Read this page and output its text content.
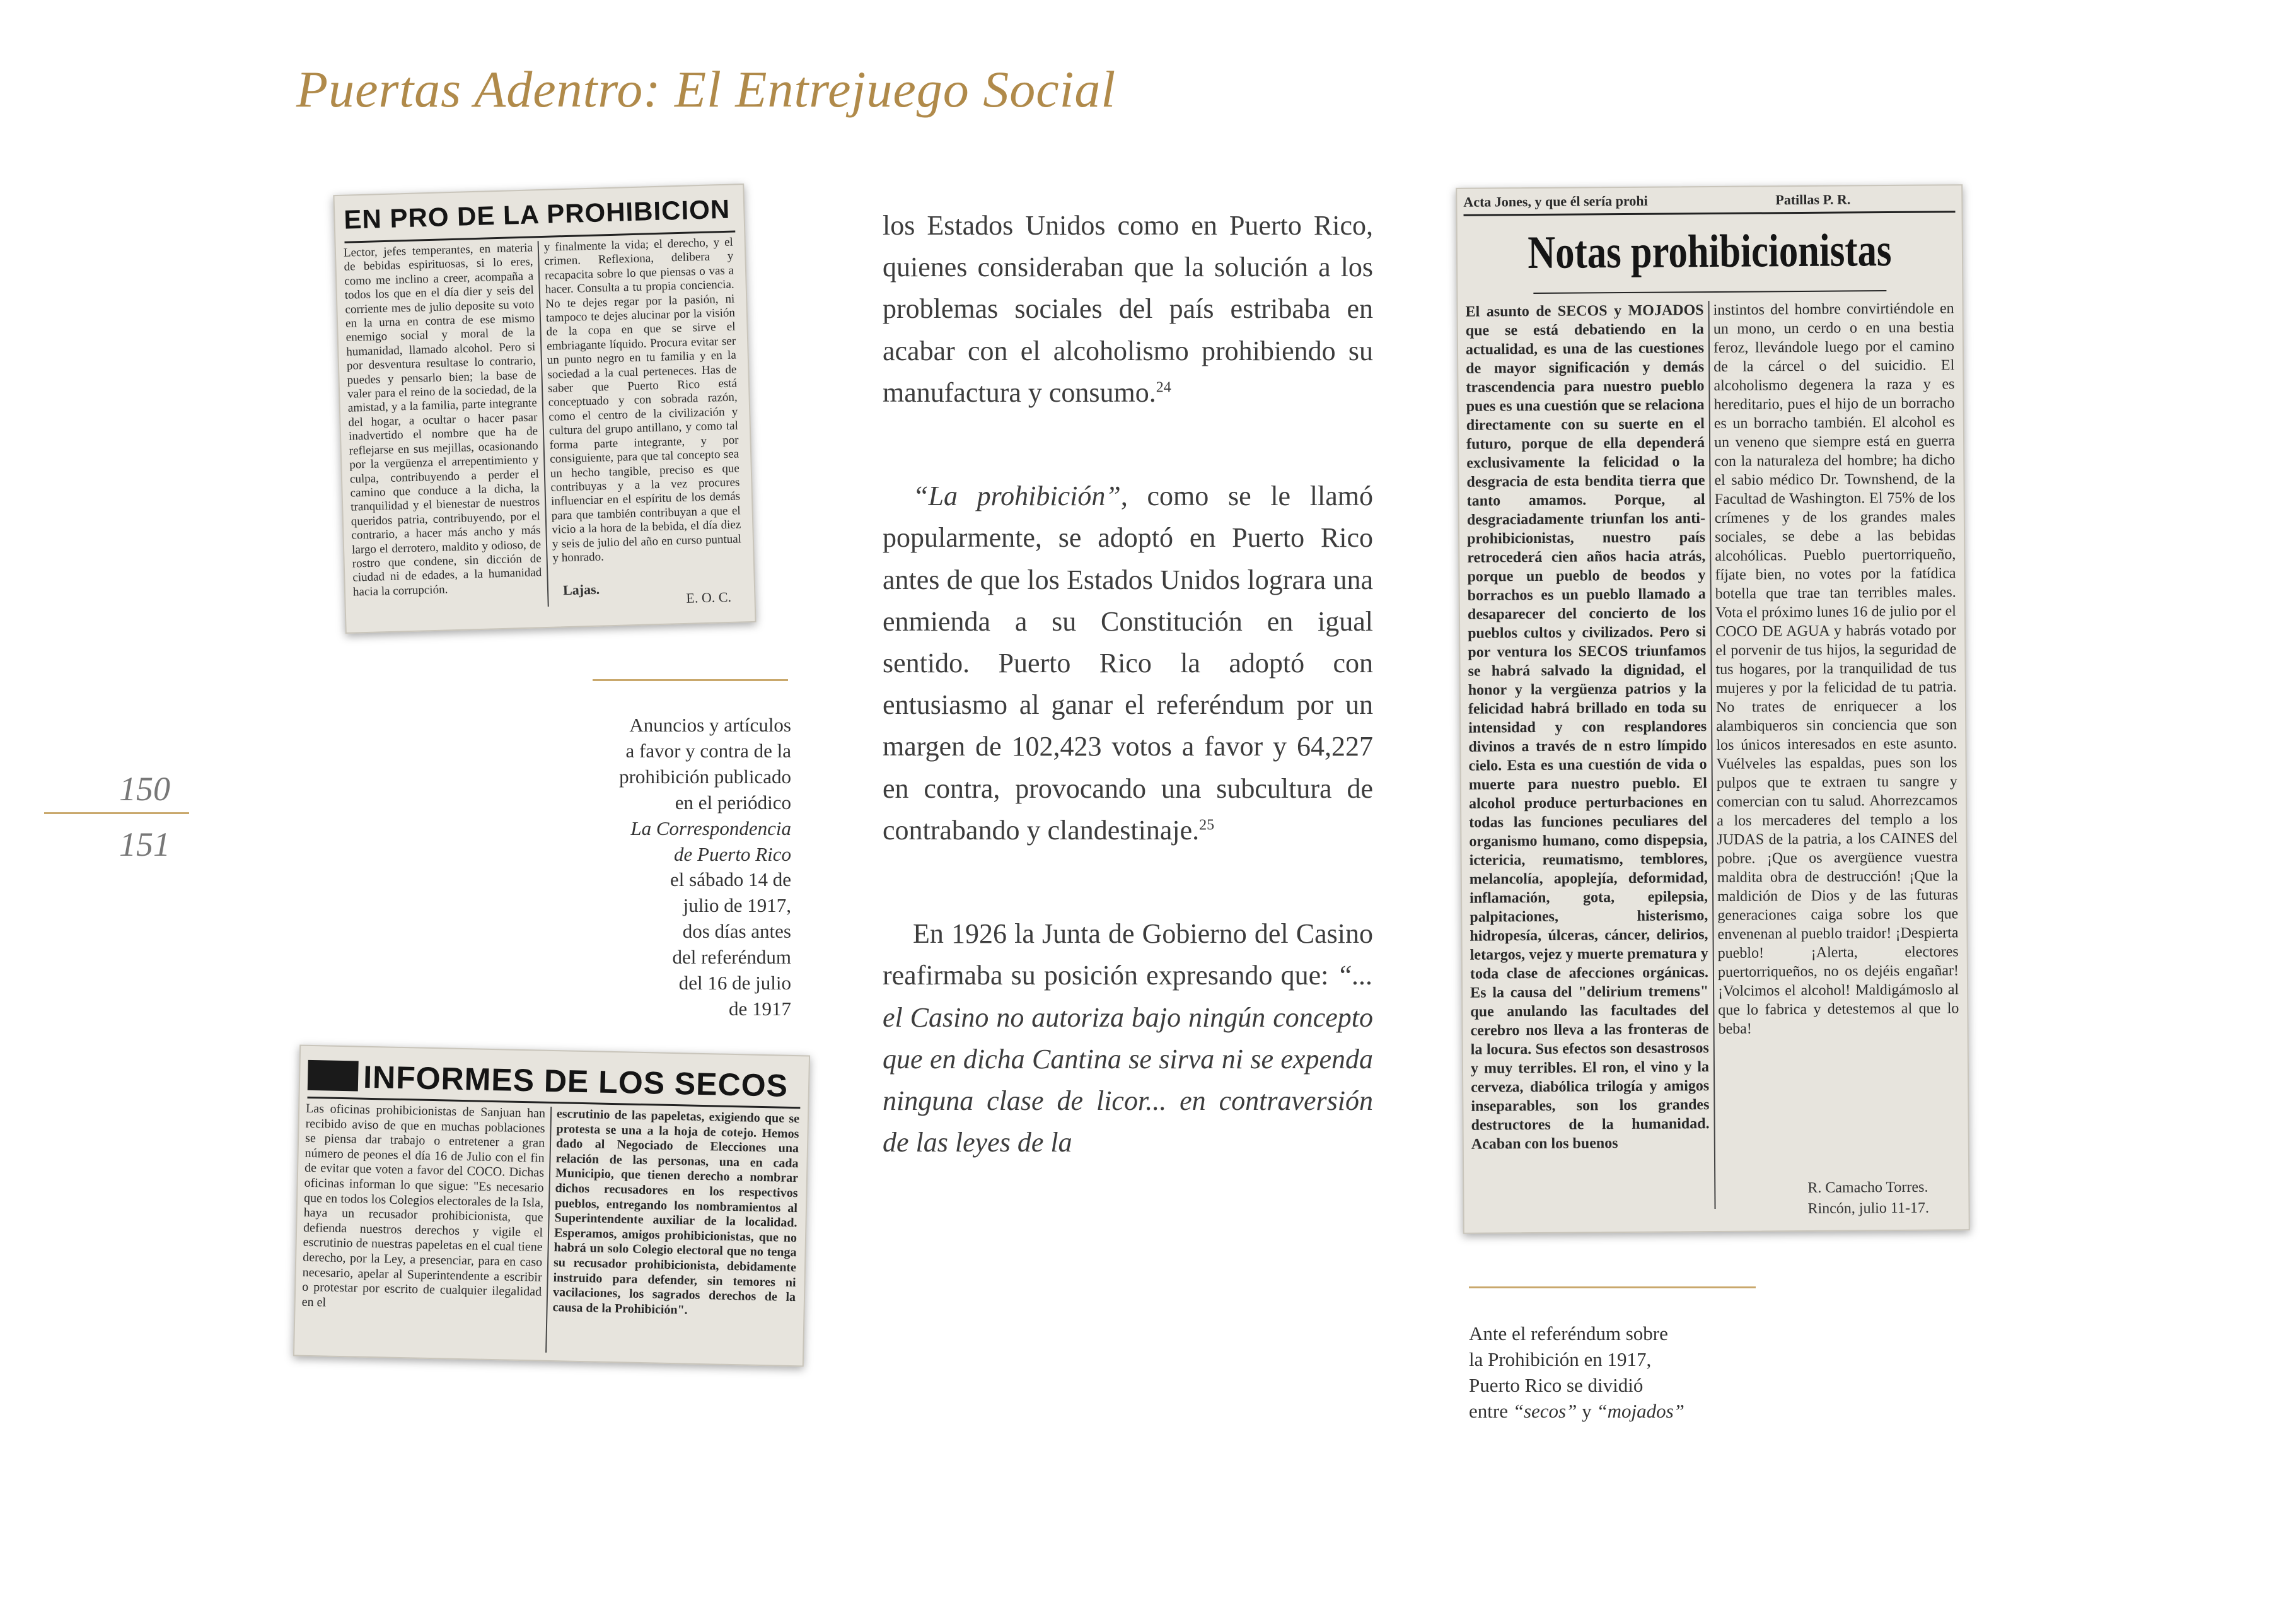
Puertas Adentro: El Entrejuego Social
150
151
EN PRO DE LA PROHIBICION
Lector, jefes temperantes, en materia de bebidas espirituosas, si lo eres, como me inclino a creer, acompaña a todos los que en el día dier y seis del corriente mes de julio deposite su voto en la urna en contra de ese mismo enemigo social y moral de la humanidad, llamado alcohol. Pero si por desventura resultase lo contrario, puedes y pensarlo bien; la base de valer para el reino de la sociedad, de la amistad, y a la familia, parte integrante del hogar, a ocultar o hacer pasar inadvertido el nombre que ha de reflejarse en sus mejillas, ocasionando por la vergüenza el arrepentimiento y culpa, contribuyendo a perder el camino que conduce a la dicha, la tranquilidad y el bienestar de nuestros queridos patria, contribuyendo, por el contrario, a hacer más ancho y más largo el derrotero, maldito y odioso, de rostro que condene, sin dicción de ciudad ni de edades, a la humanidad hacia la corrupción.
y finalmente la vida; el derecho, y el crimen. Reflexiona, delibera y recapacita sobre lo que piensas o vas a hacer. Consulta a tu propia conciencia. No te dejes regar por la pasión, ni tampoco te dejes alucinar por la visión de la copa en que se sirve el embriagante líquido. Procura evitar ser un punto negro en tu familia y en la sociedad a la cual perteneces. Has de saber que Puerto Rico está conceptuado y con sobrada razón, como el centro de la civilización y cultura del grupo antillano, y como tal forma parte integrante, y por consiguiente, para que tal concepto sea un hecho tangible, preciso es que contribuyas y a la vez procures influenciar en el espíritu de los demás para que también contribuyan a que el vicio a la hora de la bebida, el día diez y seis de julio del año en curso puntual y honrado.
Lajas.	E. O. C.
Anuncios y artículos
a favor y contra de la
prohibición publicado
en el periódico
La Correspondencia
de Puerto Rico
el sábado 14 de
julio de 1917,
dos días antes
del referéndum
del 16 de julio
de 1917
INFORMES DE LOS SECOS
Las oficinas prohibicionistas de Sanjuan han recibido aviso de que en muchas poblaciones se piensa dar trabajo o entretener a gran número de peones el día 16 de Julio con el fin de evitar que voten a favor del COCO. Dichas oficinas informan lo que sigue: "Es necesario que en todos los Colegios electorales de la Isla, haya un recusador prohibicionista, que defienda nuestros derechos y vigile el escrutinio de nuestras papeletas en el cual tiene derecho, por la Ley, a presenciar, para en caso necesario, apelar al Superintendente a escribir o protestar por escrito de cualquier ilegalidad en el
escrutinio de las papeletas, exigiendo que se protesta se una a la hoja de cotejo. Hemos dado al Negociado de Elecciones una relación de las personas, una en cada Municipio, que tienen derecho a nombrar dichos recusadores en los respectivos pueblos, entregando los nombramientos al Superintendente auxiliar de la localidad. Esperamos, amigos prohibicionistas, que no habrá un solo Colegio electoral que no tenga su recusador prohibicionista, debidamente instruido para defender, sin temores ni vacilaciones, los sagrados derechos de la causa de la Prohibición".

los Estados Unidos como en Puerto Rico, quienes consideraban que la solución a los problemas sociales del país estribaba en acabar con el alcoholismo prohibiendo su manufactura y consumo.$^{24}$

“La prohibición”, como se le llamó popularmente, se adoptó en Puerto Rico antes de que los Estados Unidos lograra una enmienda a su Constitución en igual sentido. Puerto Rico la adoptó con entusiasmo al ganar el referéndum por un margen de 102,423 votos a favor y 64,227 en contra, provocando una subcultura de contrabando y clandestinaje.$^{25}$

En 1926 la Junta de Gobierno del Casino reafirmaba su posición expresando que: “... el Casino no autoriza bajo ningún concepto que en dicha Cantina se sirva ni se expenda ninguna clase de licor... en contraversión de las leyes de la

Acta Jones, y que él sería prohi	Patillas P. R.
Notas prohibicionistas
El asunto de SECOS y MOJADOS que se está debatiendo en la actualidad, es una de las cuestiones de mayor significación y demás trascendencia para nuestro pueblo pues es una cuestión que se relaciona directamente con su suerte en el futuro, porque de ella dependerá exclusivamente la felicidad o la desgracia de esta bendita tierra que tanto amamos. Porque, al desgraciadamente triunfan los anti-prohibicionistas, nuestro país retrocederá cien años hacia atrás, porque un pueblo de beodos y borrachos es un pueblo llamado a desaparecer del concierto de los pueblos cultos y civilizados. Pero si por ventura los SECOS triunfamos se habrá salvado la dignidad, el honor y la vergüenza patrios y la felicidad habrá brillado en toda su intensidad y con resplandores divinos a través de n estro límpido cielo. Esta es una cuestión de vida o muerte para nuestro pueblo. El alcohol produce perturbaciones en todas las funciones peculiares del organismo humano, como dispepsia, ictericia, reumatismo, temblores, melancolía, apoplejía, deformidad, inflamación, gota, epilepsia, palpitaciones, histerismo, hidropesía, úlceras, cáncer, delirios, letargos, vejez y muerte prematura y toda clase de afecciones orgánicas. Es la causa del "delirium tremens" que anulando las facultades del cerebro nos lleva a las fronteras de la locura. Sus efectos son desastrosos y muy terribles. El ron, el vino y la cerveza, diabólica trilogía y amigos inseparables, son los grandes destructores de la humanidad. Acaban con los buenos
instintos del hombre convirtiéndole en un mono, un cerdo o en una bestia feroz, llevándole luego por el camino de la cárcel o del suicidio. El alcoholismo degenera la raza y es hereditario, pues el hijo de un borracho es un borracho también. El alcohol es un veneno que siempre está en guerra con la naturaleza del hombre; ha dicho el sabio médico Dr. Townshend, de la Facultad de Washington. El 75% de los crímenes y de los grandes males sociales, se debe a las bebidas alcohólicas. Pueblo puertorriqueño, fíjate bien, no votes por la fatídica botella que trae tan terribles males. Vota el próximo lunes 16 de julio por el COCO DE AGUA y habrás votado por el porvenir de tus hijos, la seguridad de tus hogares, por la tranquilidad de tus mujeres y por la felicidad de tu patria. No trates de enriquecer a los alambiqueros sin conciencia que son los únicos interesados en este asunto. Vuélveles las espaldas, pues son los pulpos que te extraen tu sangre y comercian con tu salud. Ahorrezcamos a los mercaderes del templo a los JUDAS de la patria, a los CAINES del pobre. ¡Que os avergüence vuestra maldita obra de destrucción! ¡Que la maldición de Dios y de las futuras generaciones caiga sobre los que envenenan al pueblo traidor! ¡Despierta pueblo! ¡Alerta, electores puertorriqueños, no os dejéis engañar! ¡Volcimos el alcohol! Maldigámoslo al que lo fabrica y detestemos al que lo beba!
R. Camacho Torres.
Rincón, julio 11-17.
Ante el referéndum sobre
la Prohibición en 1917,
Puerto Rico se dividió
entre “secos” y “mojados”
